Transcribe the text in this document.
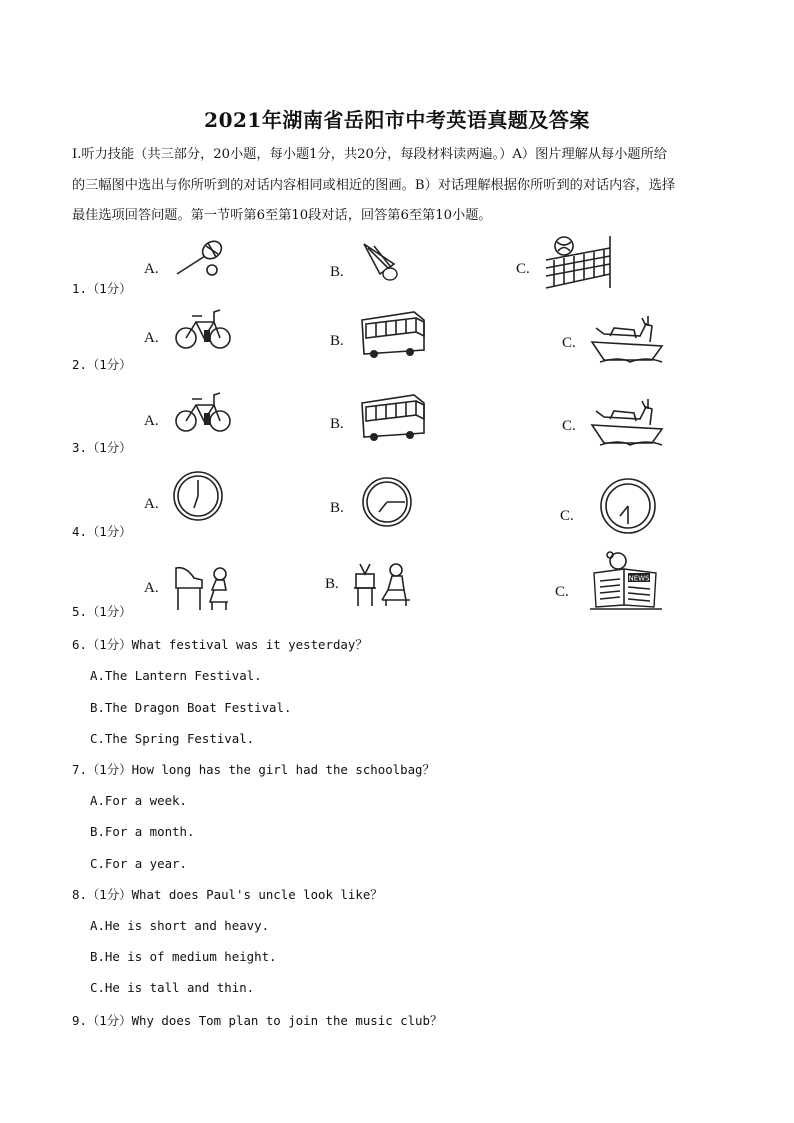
2021年湖南省岳阳市中考英语真题及答案
Ⅰ.听力技能（共三部分，20小题，每小题1分，共20分，每段材料读两遍。）A）图片理解从每小题所给
的三幅图中选出与你所听到的对话内容相同或相近的图画。B）对话理解根据你所听到的对话内容，选择
最佳选项回答问题。第一节听第6至第10段对话，回答第6至第10小题。
1.（1分）
A.	B.	C.
2.（1分）
A.	B.	C.
3.（1分）
A.	B.	C.
4.（1分）
A.	B.	C.
5.（1分）
A.	B.	C.
NEWS
6.（1分）What festival was it yesterday？
A.The Lantern Festival.
B.The Dragon Boat Festival.
C.The Spring Festival.
7.（1分）How long has the girl had the schoolbag？
A.For a week.
B.For a month.
C.For a year.
8.（1分）What does Paul's uncle look like？
A.He is short and heavy.
B.He is of medium height.
C.He is tall and thin.
9.（1分）Why does Tom plan to join the music club？
